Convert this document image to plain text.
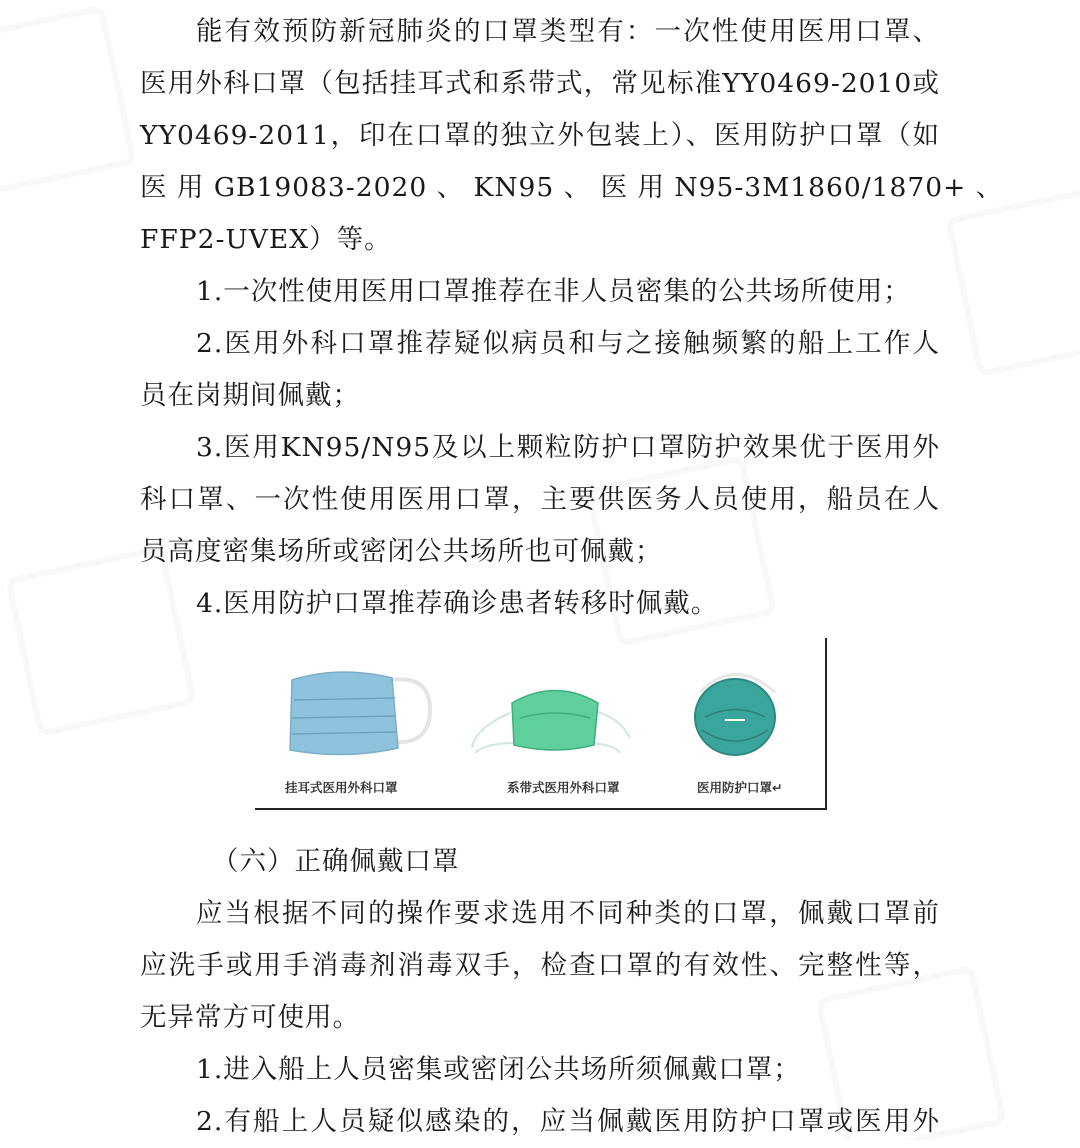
能有效预防新冠肺炎的口罩类型有：一次性使用医用口罩、
医用外科口罩（包括挂耳式和系带式，常见标准YY0469-2010或
YY0469-2011，印在口罩的独立外包装上）、医用防护口罩（如
医 用 GB19083-2020 、 KN95 、 医 用 N95-3M1860/1870+ 、
FFP2-UVEX）等。
1.一次性使用医用口罩推荐在非人员密集的公共场所使用；
2.医用外科口罩推荐疑似病员和与之接触频繁的船上工作人
员在岗期间佩戴；
3.医用KN95/N95及以上颗粒防护口罩防护效果优于医用外
科口罩、一次性使用医用口罩，主要供医务人员使用，船员在人
员高度密集场所或密闭公共场所也可佩戴；
4.医用防护口罩推荐确诊患者转移时佩戴。
挂耳式医用外科口罩	系带式医用外科口罩	医用防护口罩↵
（六）正确佩戴口罩
应当根据不同的操作要求选用不同种类的口罩，佩戴口罩前
应洗手或用手消毒剂消毒双手，检查口罩的有效性、完整性等，
无异常方可使用。
1.进入船上人员密集或密闭公共场所须佩戴口罩；
2.有船上人员疑似感染的，应当佩戴医用防护口罩或医用外
